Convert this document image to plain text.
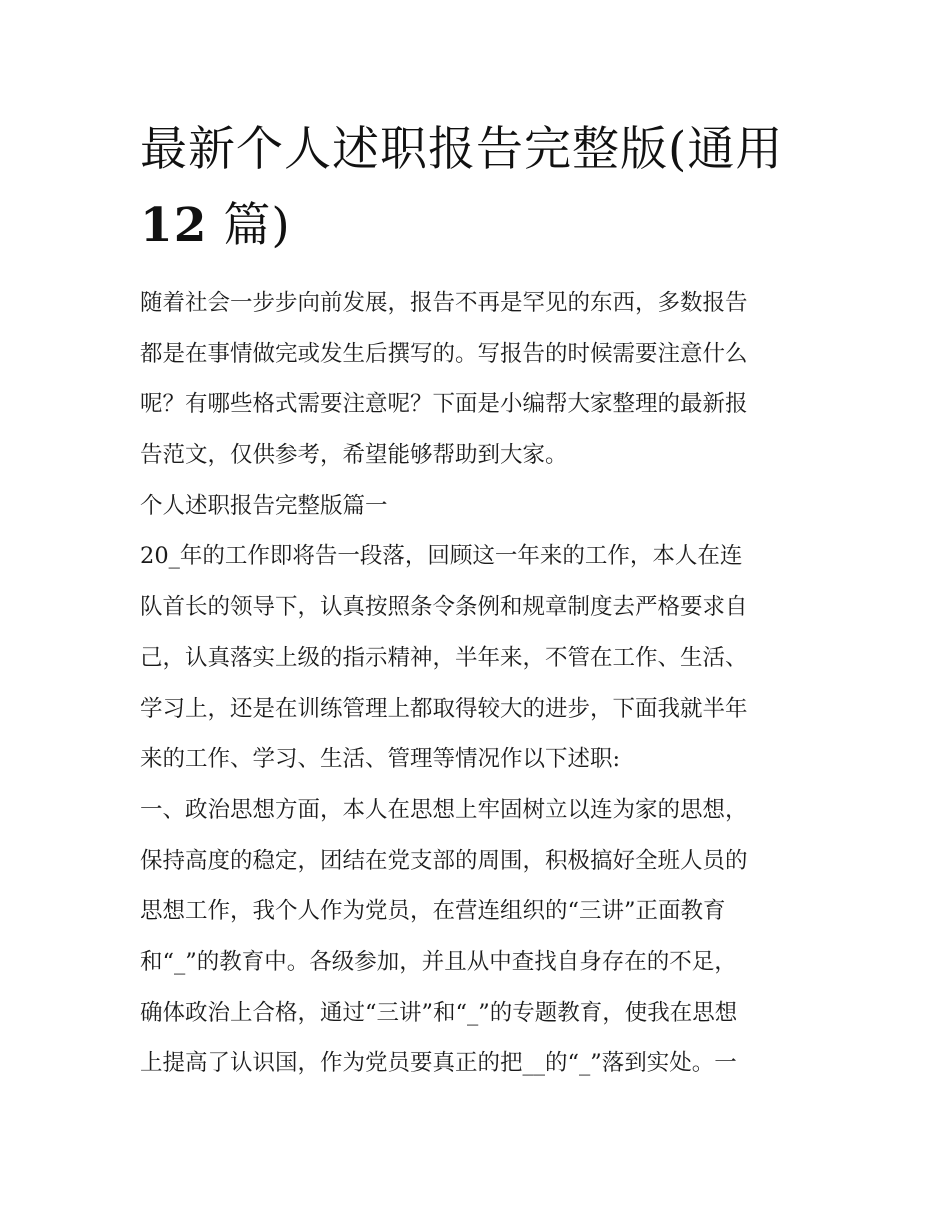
最新个人述职报告完整版(通用
12 篇)
随着社会一步步向前发展，报告不再是罕见的东西，多数报告
都是在事情做完或发生后撰写的。写报告的时候需要注意什么
呢？有哪些格式需要注意呢？下面是小编帮大家整理的最新报
告范文，仅供参考，希望能够帮助到大家。
个人述职报告完整版篇一
20_年的工作即将告一段落，回顾这一年来的工作，本人在连
队首长的领导下，认真按照条令条例和规章制度去严格要求自
己，认真落实上级的指示精神，半年来，不管在工作、生活、
学习上，还是在训练管理上都取得较大的进步，下面我就半年
来的工作、学习、生活、管理等情况作以下述职:
一、政治思想方面，本人在思想上牢固树立以连为家的思想，
保持高度的稳定，团结在党支部的周围，积极搞好全班人员的
思想工作，我个人作为党员，在营连组织的“三讲”正面教育
和“_”的教育中。各级参加，并且从中查找自身存在的不足，
确体政治上合格，通过“三讲”和“_”的专题教育，使我在思想
上提高了认识国，作为党员要真正的把__的“_”落到实处。一
